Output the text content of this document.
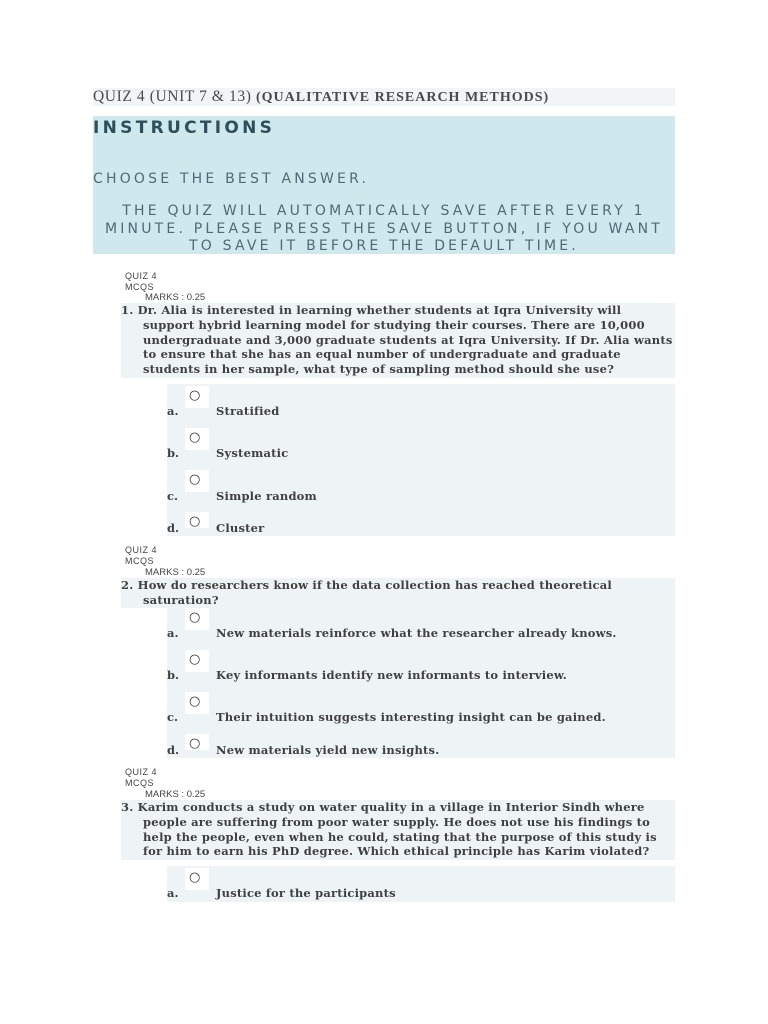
QUIZ 4 (UNIT 7 & 13) (QUALITATIVE RESEARCH METHODS)
INSTRUCTIONS
CHOOSE THE BEST ANSWER.
THE QUIZ WILL AUTOMATICALLY SAVE AFTER EVERY 1 MINUTE. PLEASE PRESS THE SAVE BUTTON, IF YOU WANT TO SAVE IT BEFORE THE DEFAULT TIME.
QUIZ 4
MCQS
MARKS : 0.25

1. Dr. Alia is interested in learning whether students at Iqra University will support hybrid learning model for studying their courses. There are 10,000 undergraduate and 3,000 graduate students at Iqra University. If Dr. Alia wants to ensure that she has an equal number of undergraduate and graduate students in her sample, what type of sampling method should she use?

○
a.	Stratified
○
b.	Systematic
○
c.	Simple random
○
d.	Cluster
QUIZ 4
MCQS
MARKS : 0.25

2. How do researchers know if the data collection has reached theoretical saturation?

○
a.	New materials reinforce what the researcher already knows.
○
b.	Key informants identify new informants to interview.
○
c.	Their intuition suggests interesting insight can be gained.
○
d.	New materials yield new insights.
QUIZ 4
MCQS
MARKS : 0.25

3. Karim conducts a study on water quality in a village in Interior Sindh where people are suffering from poor water supply. He does not use his findings to help the people, even when he could, stating that the purpose of this study is for him to earn his PhD degree. Which ethical principle has Karim violated?

○
a.	Justice for the participants
